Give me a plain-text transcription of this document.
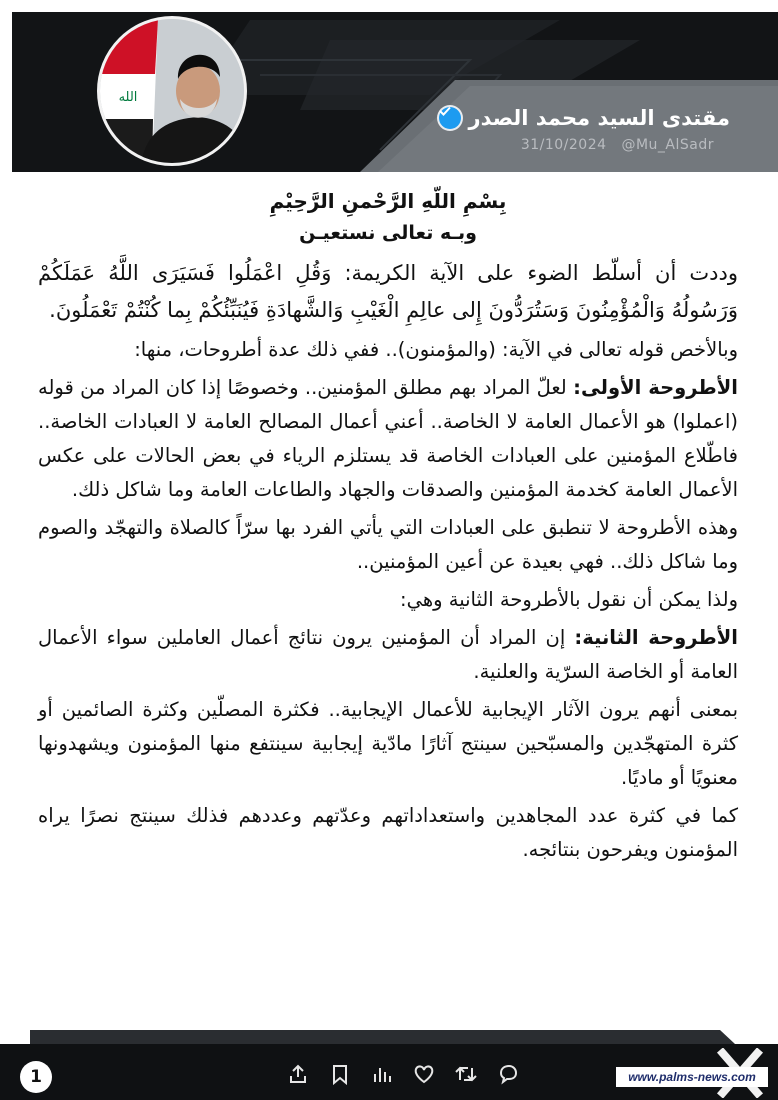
الله
مقتدى السيد محمد الصدر
31/10/2024 @Mu_AlSadr
بِسْمِ اللّهِ الرَّحْمنِ الرَّحِيْمِ
وبـه تعالى نستعيـن

وددت أن أسلّط الضوء على الآية الكريمة: وَقُلِ اعْمَلُوا فَسَيَرَى اللَّهُ عَمَلَكُمْ وَرَسُولُهُ وَالْمُؤْمِنُونَ وَسَتُرَدُّونَ إِلى عالِمِ الْغَيْبِ وَالشَّهادَةِ فَيُنَبِّئُكُمْ بِما كُنْتُمْ تَعْمَلُونَ.

وبالأخص قوله تعالى في الآية: (والمؤمنون).. ففي ذلك عدة أطروحات، منها:

الأطروحة الأولى: لعلّ المراد بهم مطلق المؤمنين.. وخصوصًا إذا كان المراد من قوله (اعملوا) هو الأعمال العامة لا الخاصة.. أعني أعمال المصالح العامة لا العبادات الخاصة.. فاطّلاع المؤمنين على العبادات الخاصة قد يستلزم الرياء في بعض الحالات على عكس الأعمال العامة كخدمة المؤمنين والصدقات والجهاد والطاعات العامة وما شاكل ذلك.

وهذه الأطروحة لا تنطبق على العبادات التي يأتي الفرد بها سرّاً كالصلاة والتهجّد والصوم وما شاكل ذلك.. فهي بعيدة عن أعين المؤمنين..

ولذا يمكن أن نقول بالأطروحة الثانية وهي:

الأطروحة الثانية: إن المراد أن المؤمنين يرون نتائج أعمال العاملين سواء الأعمال العامة أو الخاصة السرّية والعلنية.

بمعنى أنهم يرون الآثار الإيجابية للأعمال الإيجابية.. فكثرة المصلّين وكثرة الصائمين أو كثرة المتهجّدين والمسبّحين سينتج آثارًا مادّية إيجابية سينتفع منها المؤمنون ويشهدونها معنويًا أو ماديًا.

كما في كثرة عدد المجاهدين واستعداداتهم وعدّتهم وعددهم فذلك سينتج نصرًا يراه المؤمنون ويفرحون بنتائجه.

1	www.palms-news.com
